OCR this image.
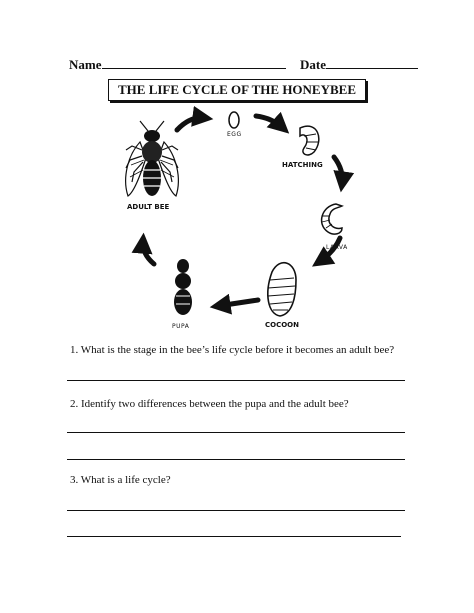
Name	Date
THE LIFE CYCLE OF THE HONEYBEE
ADULT BEE
EGG
HATCHING
LARVA
COCOON
PUPA
1. What is the stage in the bee’s life cycle before it becomes an adult bee?
2. Identify two differences between the pupa and the adult bee?
3. What is a life cycle?
